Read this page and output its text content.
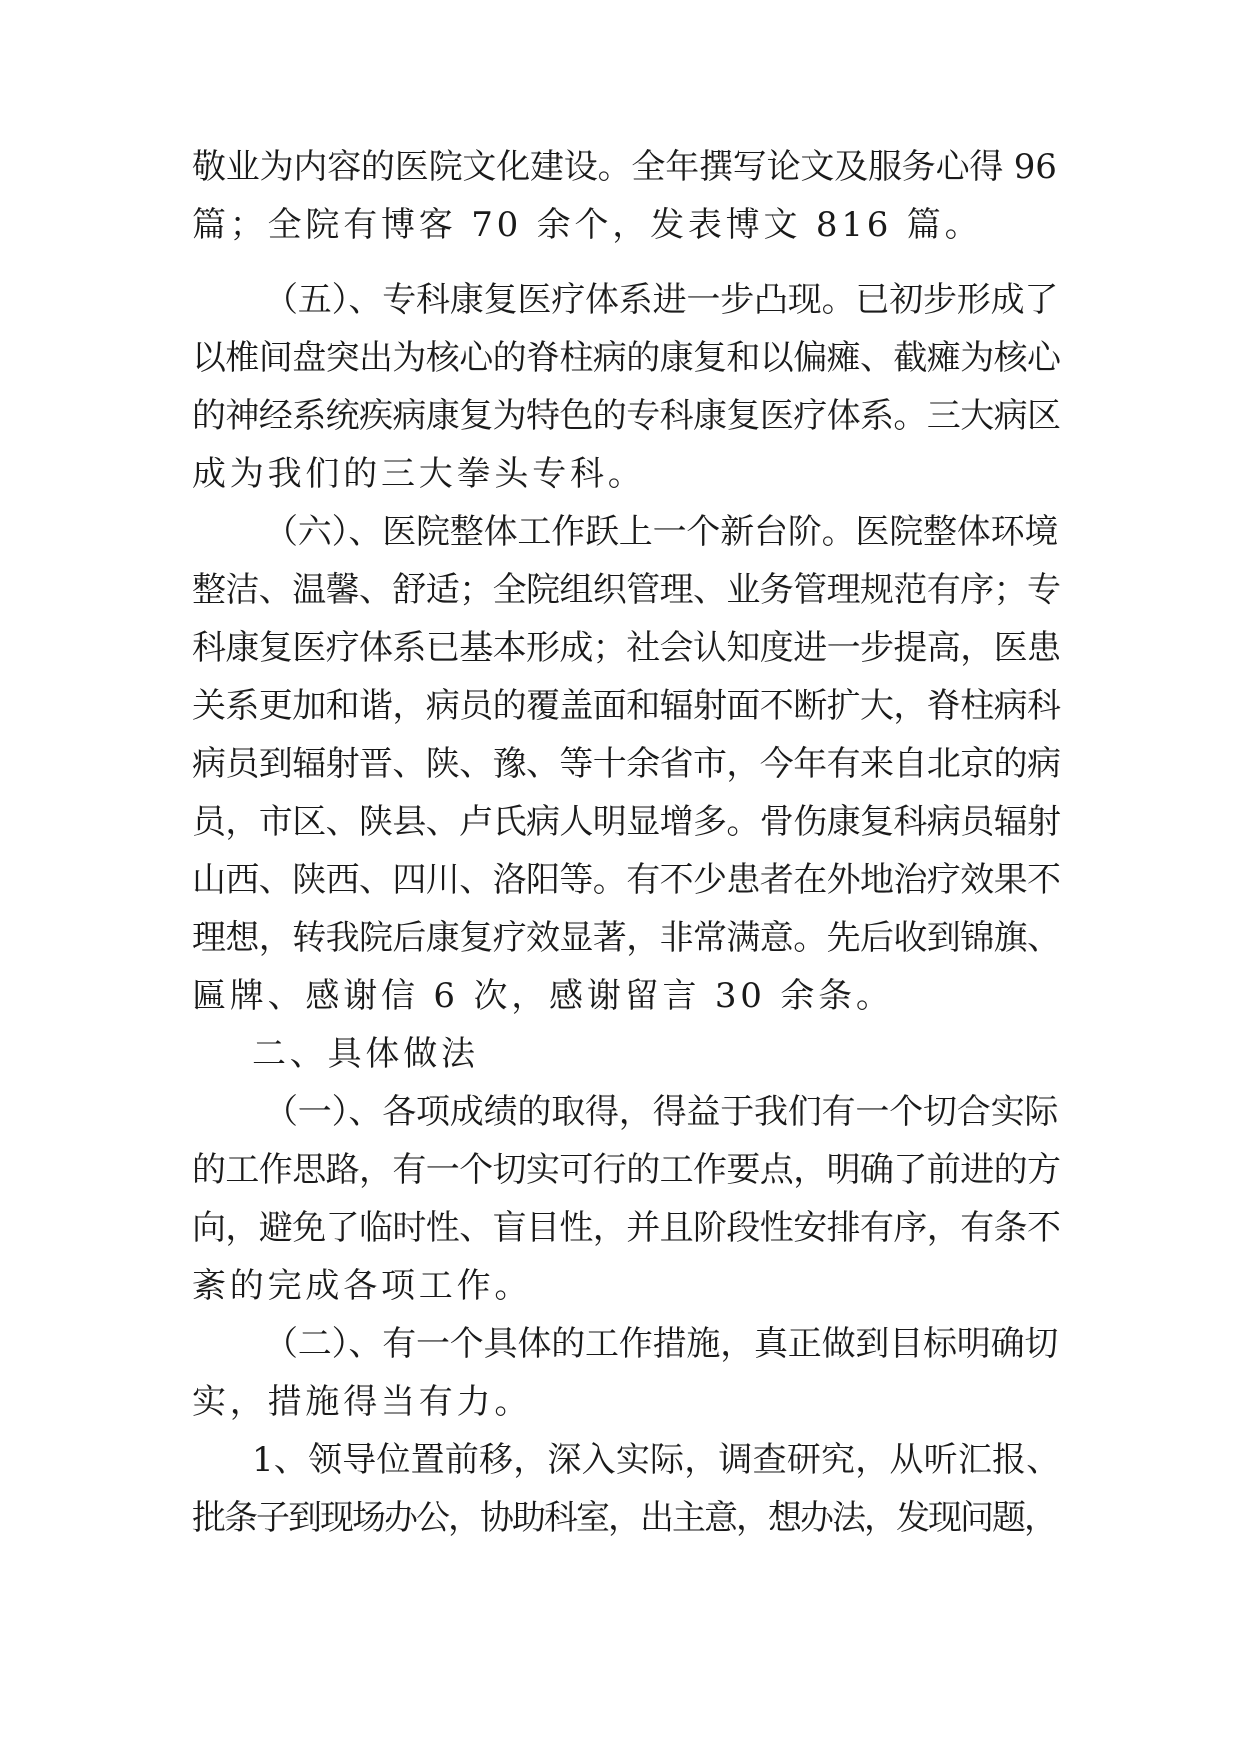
敬业为内容的医院文化建设。全年撰写论文及服务心得 96
篇；全院有博客 70 余个，发表博文 816 篇。
（五）、专科康复医疗体系进一步凸现。已初步形成了
以椎间盘突出为核心的脊柱病的康复和以偏瘫、截瘫为核心
的神经系统疾病康复为特色的专科康复医疗体系。三大病区
成为我们的三大拳头专科。
（六）、医院整体工作跃上一个新台阶。医院整体环境
整洁、温馨、舒适；全院组织管理、业务管理规范有序；专
科康复医疗体系已基本形成；社会认知度进一步提高，医患
关系更加和谐，病员的覆盖面和辐射面不断扩大，脊柱病科
病员到辐射晋、陕、豫、等十余省市，今年有来自北京的病
员，市区、陕县、卢氏病人明显增多。骨伤康复科病员辐射
山西、陕西、四川、洛阳等。有不少患者在外地治疗效果不
理想，转我院后康复疗效显著，非常满意。先后收到锦旗、
匾牌、感谢信 6 次，感谢留言 30 余条。
二、具体做法
（一）、各项成绩的取得，得益于我们有一个切合实际
的工作思路，有一个切实可行的工作要点，明确了前进的方
向，避免了临时性、盲目性，并且阶段性安排有序，有条不
紊的完成各项工作。
（二）、有一个具体的工作措施，真正做到目标明确切
实，措施得当有力。
1、领导位置前移，深入实际，调查研究，从听汇报、
批条子到现场办公，协助科室，出主意，想办法，发现问题，
